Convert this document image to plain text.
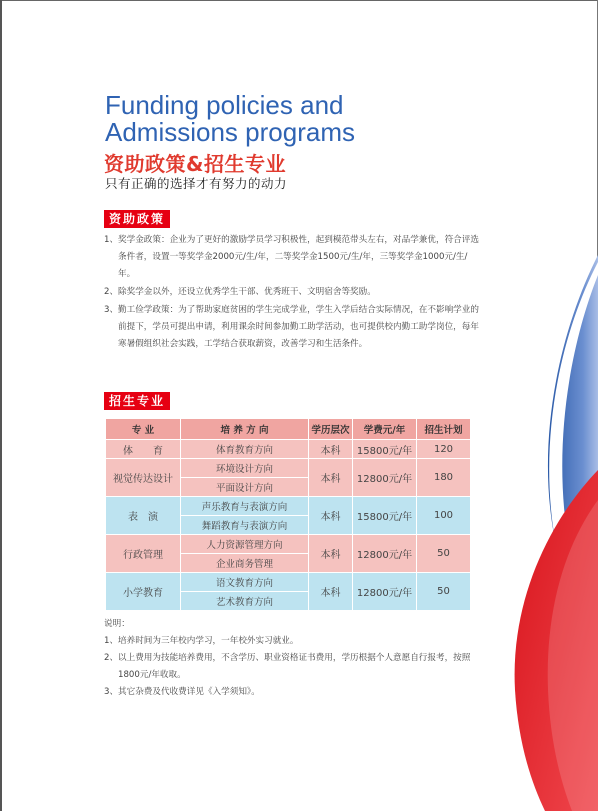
Funding policies and
Admissions programs
资助政策&招生专业

只有正确的选择才有努力的动力

资助政策
1、 奖学金政策：企业为了更好的激励学员学习积极性，起到模范带头左右，对品学兼优，符合评选条件者，设置一等奖学金2000元/生/年，二等奖学金1500元/生/年，三等奖学金1000元/生/年。
2、 除奖学金以外，还设立优秀学生干部、优秀班干、文明宿舍等奖励。
3、 勤工俭学政策：为了帮助家庭贫困的学生完成学业，学生入学后结合实际情况，在不影响学业的前提下，学员可提出申请，利用课余时间参加勤工助学活动，也可提供校内勤工助学岗位，每年寒暑假组织社会实践，工学结合获取薪资，改善学习和生活条件。
招生专业
专 业	培 养 方 向	学历层次	学费元/年	招生计划
体　　育	体育教育方向	本科	15800元/年	120
视觉传达设计	环境设计方向	本科	12800元/年	180
	平面设计方向			
表　演	声乐教育与表演方向	本科	15800元/年	100
	舞蹈教育与表演方向			
行政管理	人力资源管理方向	本科	12800元/年	50
	企业商务管理			
小学教育	语文教育方向	本科	12800元/年	50
	艺术教育方向			

说明：

1、 培养时间为三年校内学习，一年校外实习就业。
2、 以上费用为技能培养费用，不含学历、职业资格证书费用，学历根据个人意愿自行报考，按照1800元/年收取。
3、 其它杂费及代收费详见《入学须知》。
